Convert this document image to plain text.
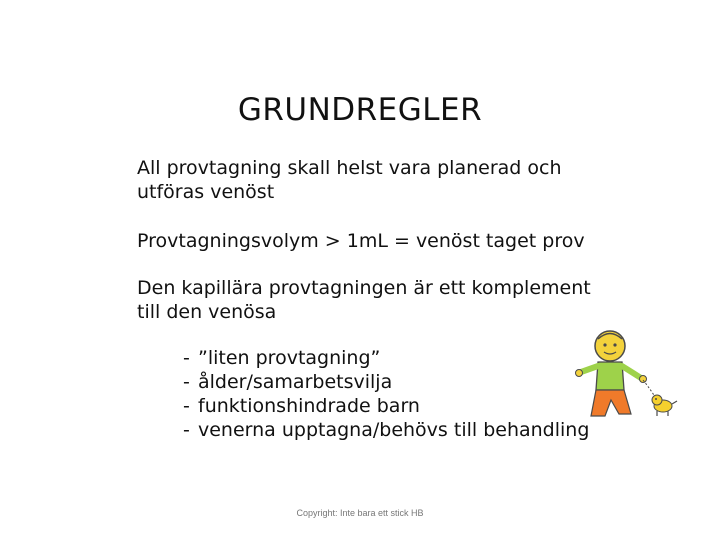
GRUNDREGLER

All provtagning skall helst vara planerad och utföras venöst

Provtagningsvolym > 1mL = venöst taget prov

Den kapillära provtagningen är ett komplement till den venösa

- ”liten provtagning”
- ålder/samarbetsvilja
- funktionshindrade barn
- venerna upptagna/behövs till behandling
Copyright: Inte bara ett stick HB
